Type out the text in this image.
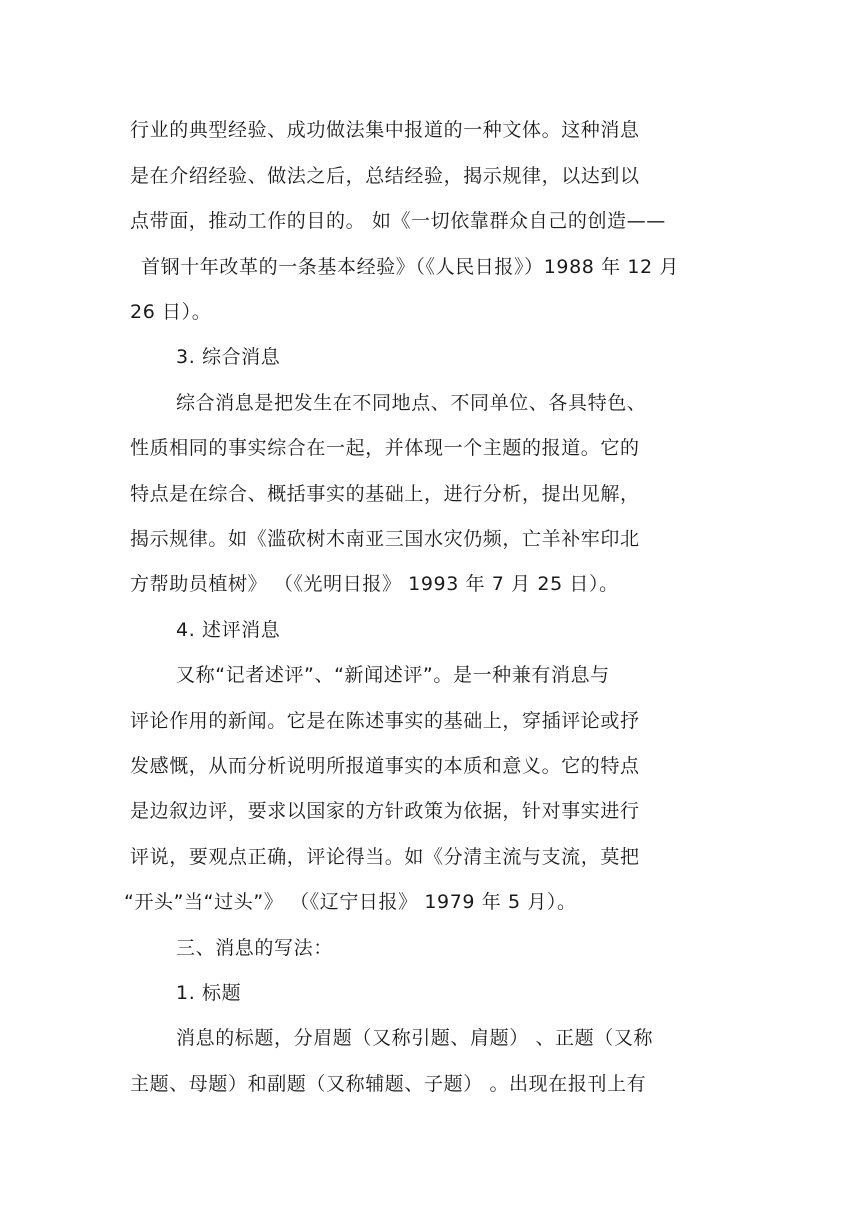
行业的典型经验、成功做法集中报道的一种文体。这种消息
是在介绍经验、做法之后，总结经验，揭示规律，以达到以
点带面，推动工作的目的。 如《一切依靠群众自己的创造——
首钢十年改革的一条基本经验》（《人民日报》）1988 年 12 月
26 日）。
3. 综合消息
综合消息是把发生在不同地点、不同单位、各具特色、
性质相同的事实综合在一起，并体现一个主题的报道。它的
特点是在综合、概括事实的基础上，进行分析，提出见解，
揭示规律。如《滥砍树木南亚三国水灾仍频，亡羊补牢印北
方帮助员植树》 （《光明日报》 1993 年 7 月 25 日）。
4. 述评消息
又称“记者述评”、“新闻述评”。是一种兼有消息与
评论作用的新闻。它是在陈述事实的基础上，穿插评论或抒
发感慨，从而分析说明所报道事实的本质和意义。它的特点
是边叙边评，要求以国家的方针政策为依据，针对事实进行
评说，要观点正确，评论得当。如《分清主流与支流，莫把
“开头”当“过头”》 （《辽宁日报》 1979 年 5 月）。
三、消息的写法：
1. 标题
消息的标题，分眉题（又称引题、肩题） 、正题（又称
主题、母题）和副题（又称辅题、子题） 。出现在报刊上有
